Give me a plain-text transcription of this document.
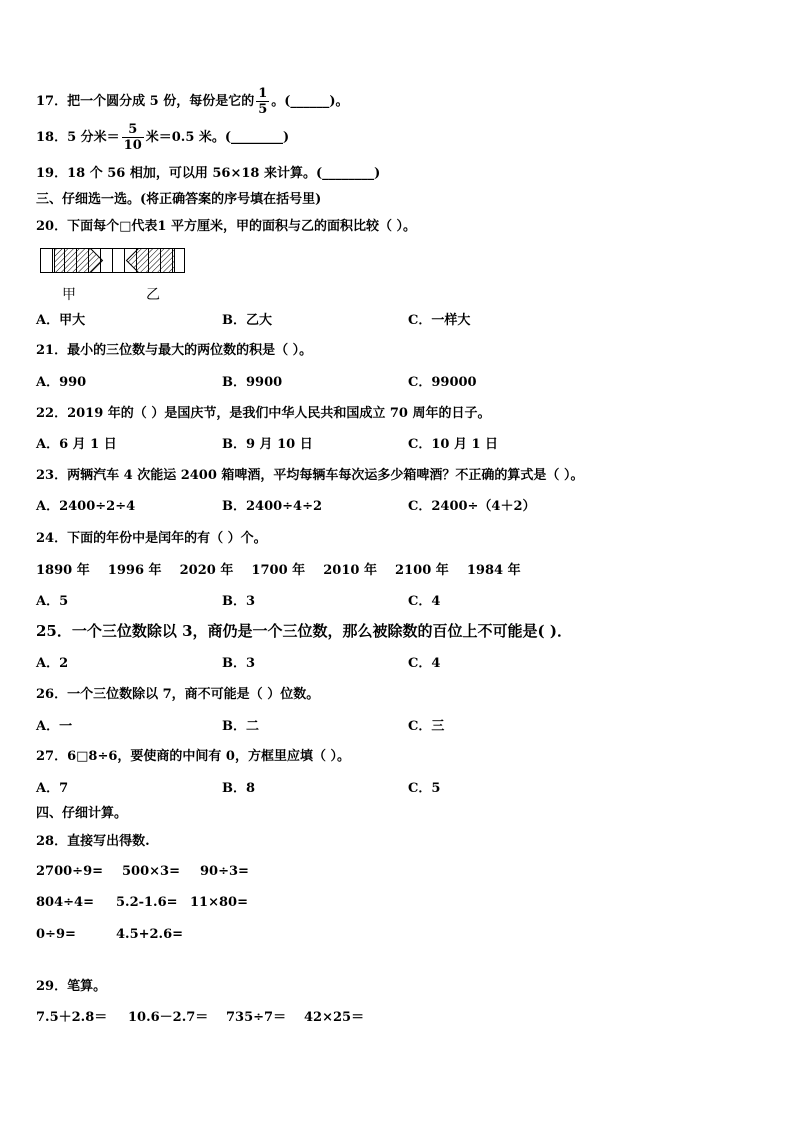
17．把一个圆分成 5 份，每份是它的 $\frac{1}{5}$ 。(______)。
18．5 分米＝ $\frac{5}{10}$ 米＝0.5 米。(________)
19．18 个 56 相加，可以用 56×18 来计算。(________)
三、仔细选一选。(将正确答案的序号填在括号里)
20．下面每个□代表1 平方厘米，甲的面积与乙的面积比较（ ）。
甲	乙
A．甲大	B．乙大	C．一样大
21．最小的三位数与最大的两位数的积是（ ）。
A．990	B．9900	C．99000
22．2019 年的（ ）是国庆节，是我们中华人民共和国成立 70 周年的日子。
A．6 月 1 日	B．9 月 10 日	C．10 月 1 日
23．两辆汽车 4 次能运 2400 箱啤酒，平均每辆车每次运多少箱啤酒？不正确的算式是（ ）。
A．2400÷2÷4	B．2400÷4÷2	C．2400÷（4＋2）
24．下面的年份中是闰年的有（ ）个。
1890 年    1996 年    2020 年    1700 年    2010 年    2100 年    1984 年
A．5	B．3	C．4
25．一个三位数除以 3，商仍是一个三位数，那么被除数的百位上不可能是( )．
A．2	B．3	C．4
26．一个三位数除以 7，商不可能是（ ）位数。
A．一	B．二	C．三
27．6□8÷6，要使商的中间有 0，方框里应填（ ）。
A．7	B．8	C．5
四、仔细计算。
28．直接写出得数.
2700÷9= 500×3= 90÷3=
804÷4= 5.2-1.6= 11×80=
0÷9=	4.5+2.6=
29．笔算。
7.5＋2.8＝ 10.6－2.7＝ 735÷7＝ 42×25＝
